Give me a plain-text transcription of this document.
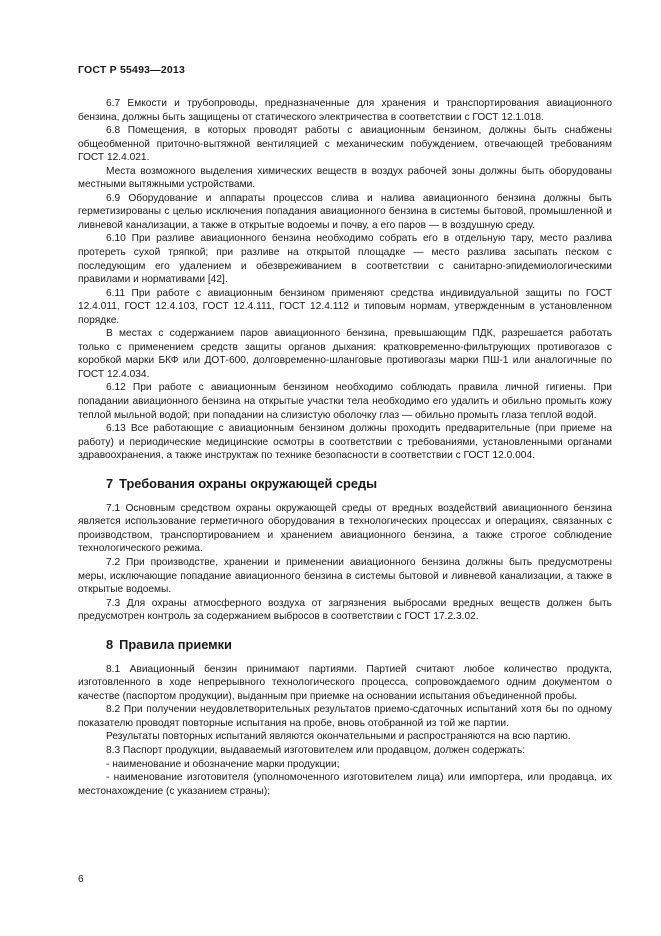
ГОСТ Р 55493—2013

6.7 Емкости и трубопроводы, предназначенные для хранения и транспортирования авиационного бензина, должны быть защищены от статического электричества в соответствии с ГОСТ 12.1.018.

6.8 Помещения, в которых проводят работы с авиационным бензином, должны быть снабжены общеобменной приточно-вытяжной вентиляцией с механическим побуждением, отвечающей требованиям ГОСТ 12.4.021.

Места возможного выделения химических веществ в воздух рабочей зоны должны быть оборудованы местными вытяжными устройствами.

6.9 Оборудование и аппараты процессов слива и налива авиационного бензина должны быть герметизированы с целью исключения попадания авиационного бензина в системы бытовой, промышленной и ливневой канализации, а также в открытые водоемы и почву, а его паров — в воздушную среду.

6.10 При разливе авиационного бензина необходимо собрать его в отдельную тару, место разлива протереть сухой тряпкой; при разливе на открытой площадке — место разлива засыпать песком с последующим его удалением и обезвреживанием в соответствии с санитарно-эпидемиологическими правилами и нормативами [42].

6.11 При работе с авиационным бензином применяют средства индивидуальной защиты по ГОСТ 12.4.011, ГОСТ 12.4.103, ГОСТ 12.4.111, ГОСТ 12.4.112 и типовым нормам, утвержденным в установленном порядке.

В местах с содержанием паров авиационного бензина, превышающим ПДК, разрешается работать только с применением средств защиты органов дыхания: кратковременно-фильтрующих противогазов с коробкой марки БКФ или ДОТ-600, долговременно-шланговые противогазы марки ПШ-1 или аналогичные по ГОСТ 12.4.034.

6.12 При работе с авиационным бензином необходимо соблюдать правила личной гигиены. При попадании авиационного бензина на открытые участки тела необходимо его удалить и обильно промыть кожу теплой мыльной водой; при попадании на слизистую оболочку глаз — обильно промыть глаза теплой водой.

6.13 Все работающие с авиационным бензином должны проходить предварительные (при приеме на работу) и периодические медицинские осмотры в соответствии с требованиями, установленными органами здравоохранения, а также инструктаж по технике безопасности в соответствии с ГОСТ 12.0.004.

7 Требования охраны окружающей среды

7.1 Основным средством охраны окружающей среды от вредных воздействий авиационного бензина является использование герметичного оборудования в технологических процессах и операциях, связанных с производством, транспортированием и хранением авиационного бензина, а также строгое соблюдение технологического режима.

7.2 При производстве, хранении и применении авиационного бензина должны быть предусмотрены меры, исключающие попадание авиационного бензина в системы бытовой и ливневой канализации, а также в открытые водоемы.

7.3 Для охраны атмосферного воздуха от загрязнения выбросами вредных веществ должен быть предусмотрен контроль за содержанием выбросов в соответствии с ГОСТ 17.2.3.02.

8 Правила приемки

8.1 Авиационный бензин принимают партиями. Партией считают любое количество продукта, изготовленного в ходе непрерывного технологического процесса, сопровождаемого одним документом о качестве (паспортом продукции), выданным при приемке на основании испытания объединенной пробы.

8.2 При получении неудовлетворительных результатов приемо-сдаточных испытаний хотя бы по одному показателю проводят повторные испытания на пробе, вновь отобранной из той же партии.

Результаты повторных испытаний являются окончательными и распространяются на всю партию.

8.3 Паспорт продукции, выдаваемый изготовителем или продавцом, должен содержать:

- наименование и обозначение марки продукции;

- наименование изготовителя (уполномоченного изготовителем лица) или импортера, или продавца, их местонахождение (с указанием страны);

6
